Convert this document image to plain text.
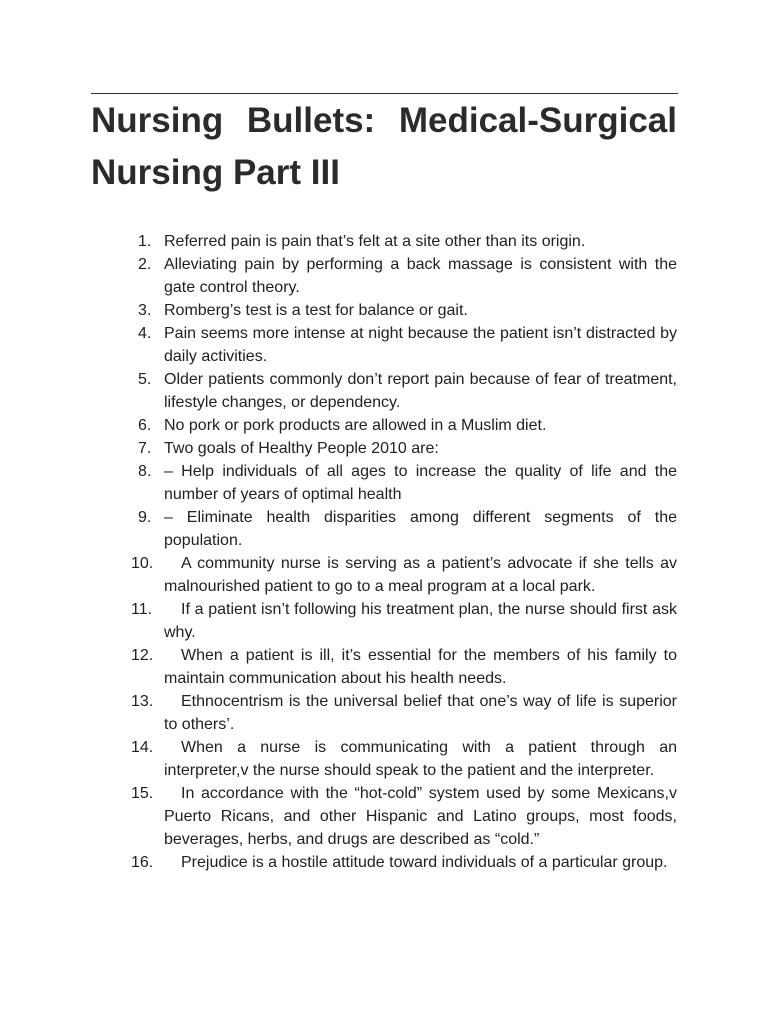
Nursing Bullets: Medical-Surgical Nursing Part III
1. Referred pain is pain that’s felt at a site other than its origin.
2. Alleviating pain by performing a back massage is consistent with the gate control theory.
3. Romberg’s test is a test for balance or gait.
4. Pain seems more intense at night because the patient isn’t distracted by daily activities.
5. Older patients commonly don’t report pain because of fear of treatment, lifestyle changes, or dependency.
6. No pork or pork products are allowed in a Muslim diet.
7. Two goals of Healthy People 2010 are:
8. – Help individuals of all ages to increase the quality of life and the number of years of optimal health
9. – Eliminate health disparities among different segments of the population.
10.	A community nurse is serving as a patient’s advocate if she tells av malnourished patient to go to a meal program at a local park.
11.	If a patient isn’t following his treatment plan, the nurse should first ask why.
12.	When a patient is ill, it’s essential for the members of his family to maintain communication about his health needs.
13.	Ethnocentrism is the universal belief that one’s way of life is superior to others’.
14.	When a nurse is communicating with a patient through an interpreter,v the nurse should speak to the patient and the interpreter.
15.	In accordance with the “hot-cold” system used by some Mexicans,v Puerto Ricans, and other Hispanic and Latino groups, most foods, beverages, herbs, and drugs are described as “cold.”
16.	Prejudice is a hostile attitude toward individuals of a particular group.
